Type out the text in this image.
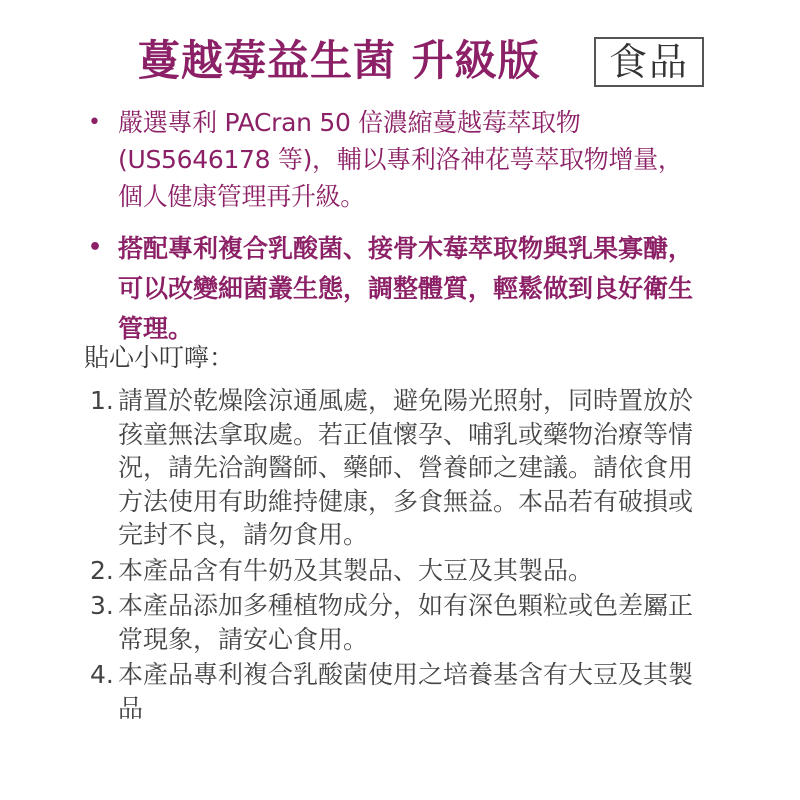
蔓越莓益生菌 升級版	食品
• 嚴選專利 PACran 50 倍濃縮蔓越莓萃取物 (US5646178 等)，輔以專利洛神花萼萃取物增量，個人健康管理再升級。
• 搭配專利複合乳酸菌、接骨木莓萃取物與乳果寡醣，可以改變細菌叢生態，調整體質，輕鬆做到良好衛生管理。
貼心小叮嚀：
1. 請置於乾燥陰涼通風處，避免陽光照射，同時置放於孩童無法拿取處。若正值懷孕、哺乳或藥物治療等情況，請先洽詢醫師、藥師、營養師之建議。請依食用方法使用有助維持健康，多食無益。本品若有破損或完封不良，請勿食用。
2. 本產品含有牛奶及其製品、大豆及其製品。
3. 本產品添加多種植物成分，如有深色顆粒或色差屬正常現象，請安心食用。
4. 本產品專利複合乳酸菌使用之培養基含有大豆及其製品
